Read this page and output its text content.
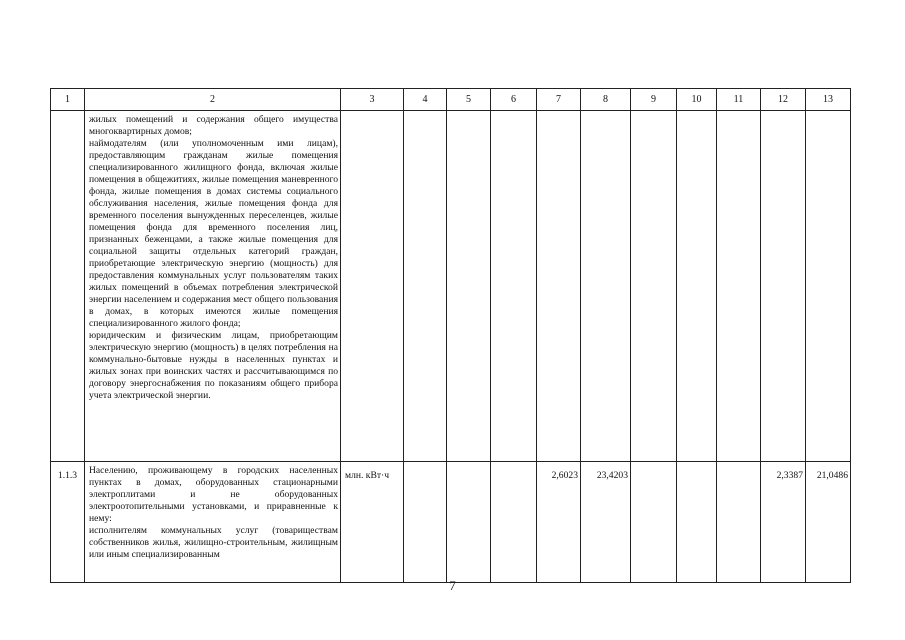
1	2	3	4	5	6	7	8	9	10	11	12	13

	жилых помещений и содержания общего имущества многоквартирных домов;

наймодателям (или уполномоченным ими лицам), предоставляющим гражданам жилые помещения специализированного жилищного фонда, включая жилые помещения в общежитиях, жилые помещения маневренного фонда, жилые помещения в домах системы социального обслуживания населения, жилые помещения фонда для временного поселения вынужденных переселенцев, жилые помещения фонда для временного поселения лиц, признанных беженцами, а также жилые помещения для социальной защиты отдельных категорий граждан, приобретающие электрическую энергию (мощность) для предоставления коммунальных услуг пользователям таких жилых помещений в объемах потребления электрической энергии населением и содержания мест общего пользования в домах, в которых имеются жилые помещения специализированного жилого фонда;

юридическим и физическим лицам, приобретающим электрическую энергию (мощность) в целях потребления на коммунально-бытовые нужды в населенных пунктах и жилых зонах при воинских частях и рассчитывающимся по договору энергоснабжения по показаниям общего прибора учета электрической энергии.											

1.1.3	Населению, проживающему в городских населенных пунктах в домах, оборудованных стационарными электроплитами и не оборудованных электроотопительными установками, и приравненные к нему:

исполнителям коммунальных услуг (товариществам собственников жилья, жилищно-строительным, жилищным или иным специализированным	млн. кВт·ч				2,6023	23,4203				2,3387	21,0486
7
